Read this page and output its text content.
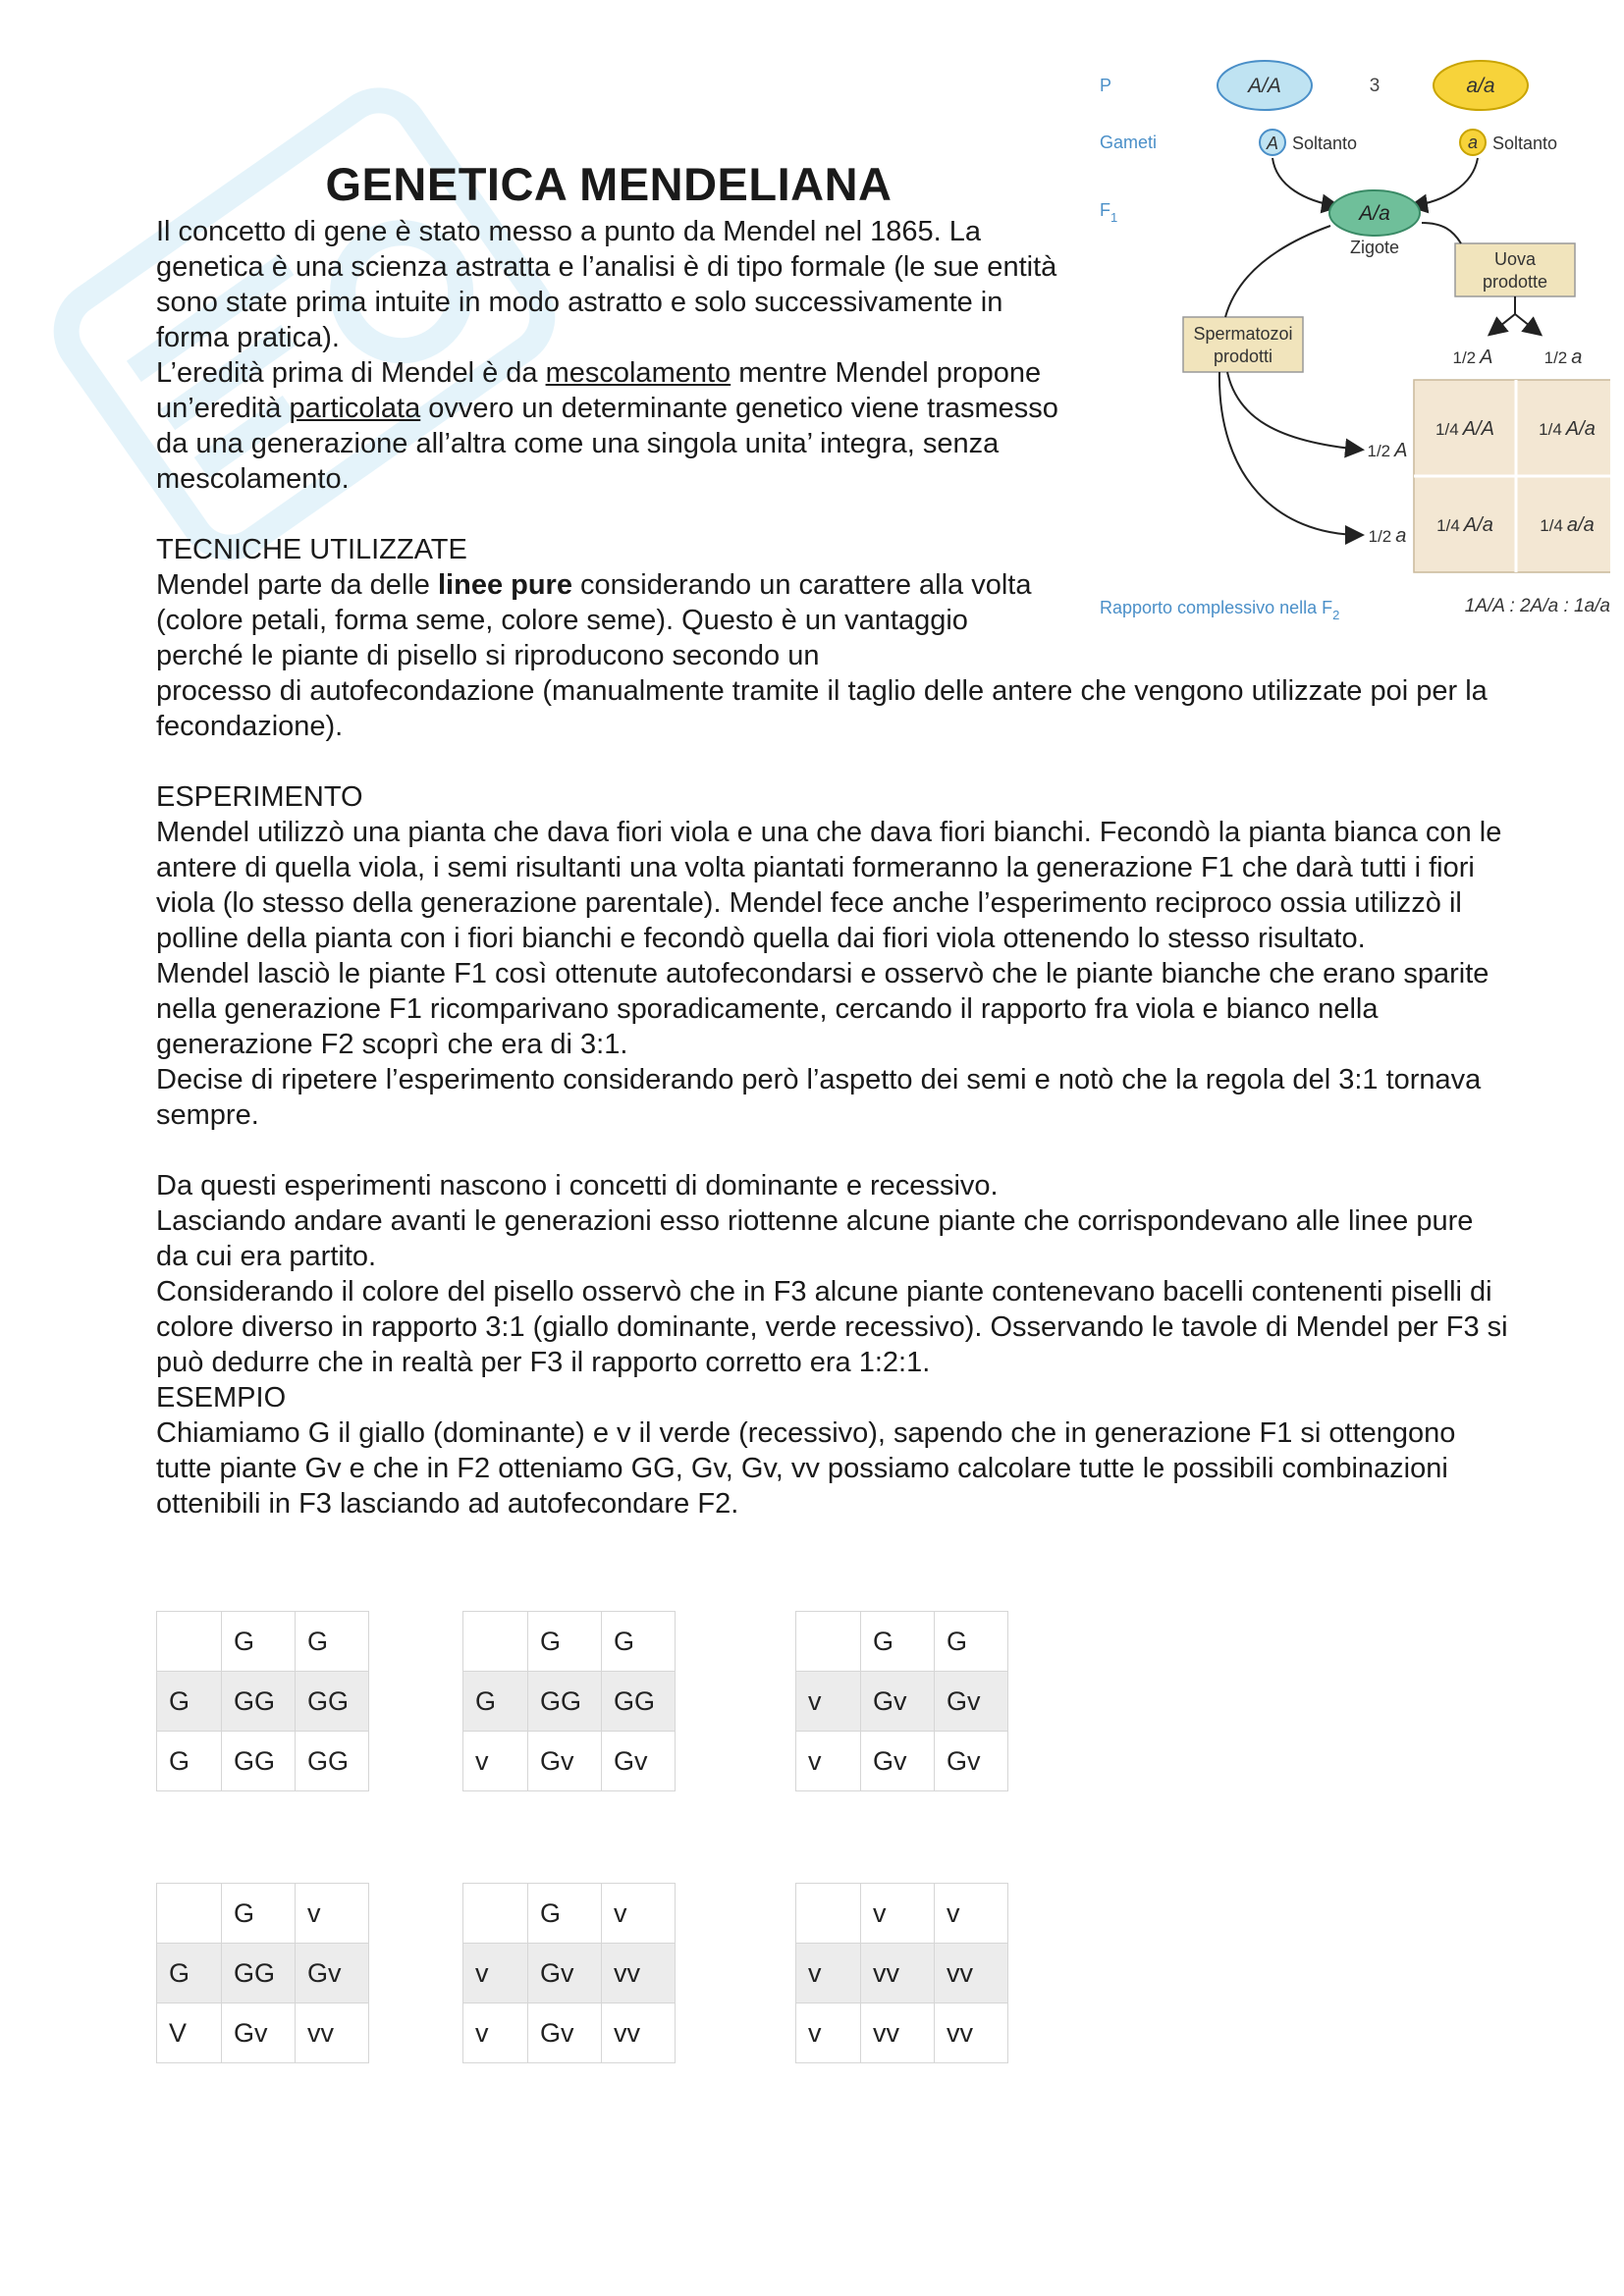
GENETICA MENDELIANA

Il concetto di gene è stato messo a punto da Mendel nel 1865. La genetica è una scienza astratta e l’analisi è di tipo formale (le sue entità sono state prima intuite in modo astratto e solo successivamente in forma pratica).

L’eredità prima di Mendel è da mescolamento mentre Mendel propone un’eredità particolata ovvero un determinante genetico viene trasmesso da una generazione all’altra come una singola unita’ integra, senza mescolamento.

TECNICHE UTILIZZATE

Mendel parte da delle linee pure considerando un carattere alla volta (colore petali, forma seme, colore seme). Questo è un vantaggio perché le piante di pisello si riproducono secondo un
processo di autofecondazione (manualmente tramite il taglio delle antere che vengono utilizzate poi per la fecondazione).

ESPERIMENTO

Mendel utilizzò una pianta che dava fiori viola e una che dava fiori bianchi. Fecondò la pianta bianca con le antere di quella viola, i semi risultanti una volta piantati formeranno la generazione F1 che darà tutti i fiori viola (lo stesso della generazione parentale). Mendel fece anche l’esperimento reciproco ossia utilizzò il polline della pianta con i fiori bianchi e fecondò quella dai fiori viola ottenendo lo stesso risultato.

Mendel lasciò le piante F1 così ottenute autofecondarsi e osservò che le piante bianche che erano sparite nella generazione F1 ricomparivano sporadicamente, cercando il rapporto fra viola e bianco nella generazione F2 scoprì che era di 3:1.

Decise di ripetere l’esperimento considerando però l’aspetto dei semi e notò che la regola del 3:1 tornava sempre.

Da questi esperimenti nascono i concetti di dominante e recessivo.

Lasciando andare avanti le generazioni esso riottenne alcune piante che corrispondevano alle linee pure da cui era partito.

Considerando il colore del pisello osservò che in F3 alcune piante contenevano bacelli contenenti piselli di colore diverso in rapporto 3:1 (giallo dominante, verde recessivo). Osservando le tavole di Mendel per F3 si può dedurre che in realtà per F3 il rapporto corretto era 1:2:1.

ESEMPIO

Chiamiamo G il giallo (dominante) e v il verde (recessivo), sapendo che in generazione F1 si ottengono tutte piante Gv e che in F2 otteniamo GG, Gv, Gv, vv possiamo calcolare tutte le possibili combinazioni ottenibili in F3 lasciando ad autofecondare F2.

P
Gameti
$F_1$
A/A	3	a/a
A Soltanto	a Soltanto
A/a
Zigote
Uova
prodotte
Spermatozoi
prodotti	1/2 A	1/2 a
1/2 A
1/2 a
1/4 A/A	1/4 A/a
1/4 A/a	1/4 a/a
Rapporto complessivo nella $F_2$	1A/A : 2A/a : 1a/a
	G	G
G	GG	GG
G	GG	GG
	G	G
G	GG	GG
v	Gv	Gv
	G	G
v	Gv	Gv
v	Gv	Gv
	G	v
G	GG	Gv
V	Gv	vv
	G	v
v	Gv	vv
v	Gv	vv
	v	v
v	vv	vv
v	vv	vv
